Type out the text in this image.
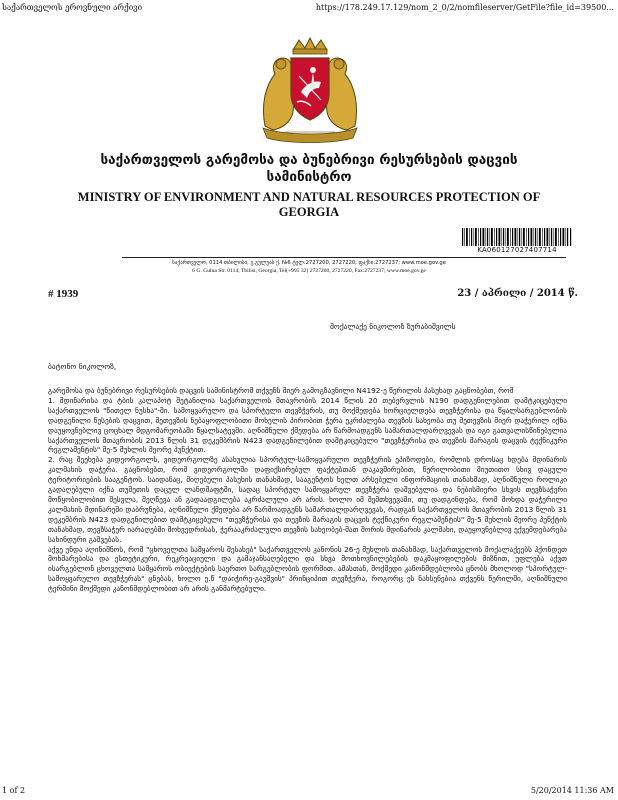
საქართველოს ეროვნული არქივი	https://178.249.17.129/nom_2_0/2/nomfileserver/GetFile?file_id=39500...
საქართველოს გარემოსა და ბუნებრივი რესურსების დაცვის
სამინისტრო
MINISTRY OF ENVIRONMENT AND NATURAL RESOURCES PROTECTION OF
GEORGIA
KA060127027407714
საქართველო, 0114 თბილისი, გ.გულუას ქ. №6 ტელ:2727200, 2727220, ფაქსი:2727237; www.moe.gov.ge
6 G. Gulua Str. 0114, Tbilisi, Georgia, Tel(+995 32) 2727200, 2727220, Fax:2727237; www.moe.gov.ge
# 1939	23 / აპრილი / 2014 წ.
მოქალაქე ნიკოლოზ ზურაბიშვილს
ბატონო ნიკოლოზ,

გარემოსა და ბუნებრივი რესურსების დაცვის სამინისტრომ თქვენს მიერ გამოგზავნილი N4192-ე წერილის პასუხად გაცნობებთ, რომ

1. მდინარისა და ტბის კალაპოტ შეტანილია საქართველოს მთავრობის 2014 წლის 20 თებერვლის N190 დადგენილებით დამტკიცებული საქართველოს "წითელ ნუსხა"-ში. სამოყვარულო და სპორტული თევზჭერის, თუ მოქმედება ხორციელდება თევზჭერისა და წყალსარგებლობის დადგენილი წესების დაცვით, მეთევზის ნებაყოფლობითი მოხელის პირობით ჭერა ეკრძალება თევზის სახეობა თუ მეთევზის მიერ დაჭერილ იქნა დაუყოვნებლივ ცოცხალ მდგომარეობაში წყალსატევში. აღნიშნული ქმედება არ წარმოადგენს სამართალდარღვევას და იგი გათვალისწინებულია საქართველოს მთავრობის 2013 წლის 31 დეკემბრის N423 დადგენილებით დამტკიცებული "თევზჭერისა და თევზის მარაგის დაცვის ტექნიკური რეგლამენტის" მე-5 მუხლის მეორე პუნქტით.

2. რაც შეეხება ვიდეორგოლს, ვიდეორგოლზე ასახულია სპორტულ-სამოყვარულო თევზჭერის ეპიზოდები, რომლის დროსაც ხდება მდინარის კალმახის დაჭერა. გაცნობებთ, რომ ვიდეორგოლში დაფიქსირებულ ფაქტებთან დაკავშირებით, წერილობითი მიუთითო სხივ დაცული ტერიტორიების სააგენტოს. საიდანაც, მიღებული პასუხის თანახმად, სააგენტოს ხელთ არსებული ინფორმაციის თანახმად, აღნიშნული როლიკი გადაღებული იქნა თუშეთის დაცულ ლანდშაფტში, სადაც სპორტულ სამოყვარულ თევზჭერა დაშვებულია და ნებისმიერი სხვის თევზსაჭერი მოწყობილობით შესვლა, შეღწევა ან გადაადგილება აკრძალული არ არის. ხოლო იმ შემთხვევაში, თუ დადგინდება, რომ მოხდა დაჭერილი კალმახის მდინარეში დაბრუნება, აღნიშნული ქმედება არ წარმოადგენს სამართალდარღვევას, რადგან საქართველოს მთავრობის 2013 წლის 31 დეკემბრის N423 დადგენილებით დამტკიცებული "თევზჭერისა და თევზის მარაგის დაცვის ტექნიკური რეგლამენტის" მე-5 მუხლის მეორე პუნქტის თანახმად, თევზსაჭერ იარაღებში მოხვედრისას, ჭერააკრძალული თევზის სახეობებ-მათ შორის მდინარის კალმახი, დაუყოვნებლივ ექვემდებარება სახინდური გაშვებას.

აქვე უნდა აღინიშნოს, რომ "ცხოველთა სამყაროს შესახებ" საქართველოს კანონის 26-ე მუხლის თანახმად, საქართველოს მოქალაქეებს ჰქონდეთ მოხმარებისა და ესთეტიკური, რეკრეაციული და გამაჯანსაღებელი და სხვა მოთხოვნილებების დაკმაყოფილების მიზნით, უფლება აქვთ ისარგებლონ ცხოველთა სამყაროს ობიექტების საერთო სარგებლობის ფორმით. ამასთან, მოქმედი კანონმდებლობა ცნობს მხოლოდ "სპორტულ-სამოყვარულო თევზჭერას" ცნებას, ხოლო ე.წ "დაიჭირე-გაუშვის" პრინციპით თევზჭერა, როგორც ეს ნახსენებია თქვენს წერილში, აღნიშნული ტერმინი მოქმედი კანონმდებლობით არ არის განმარტებული.

1 of 2	5/20/2014 11:36 AM
